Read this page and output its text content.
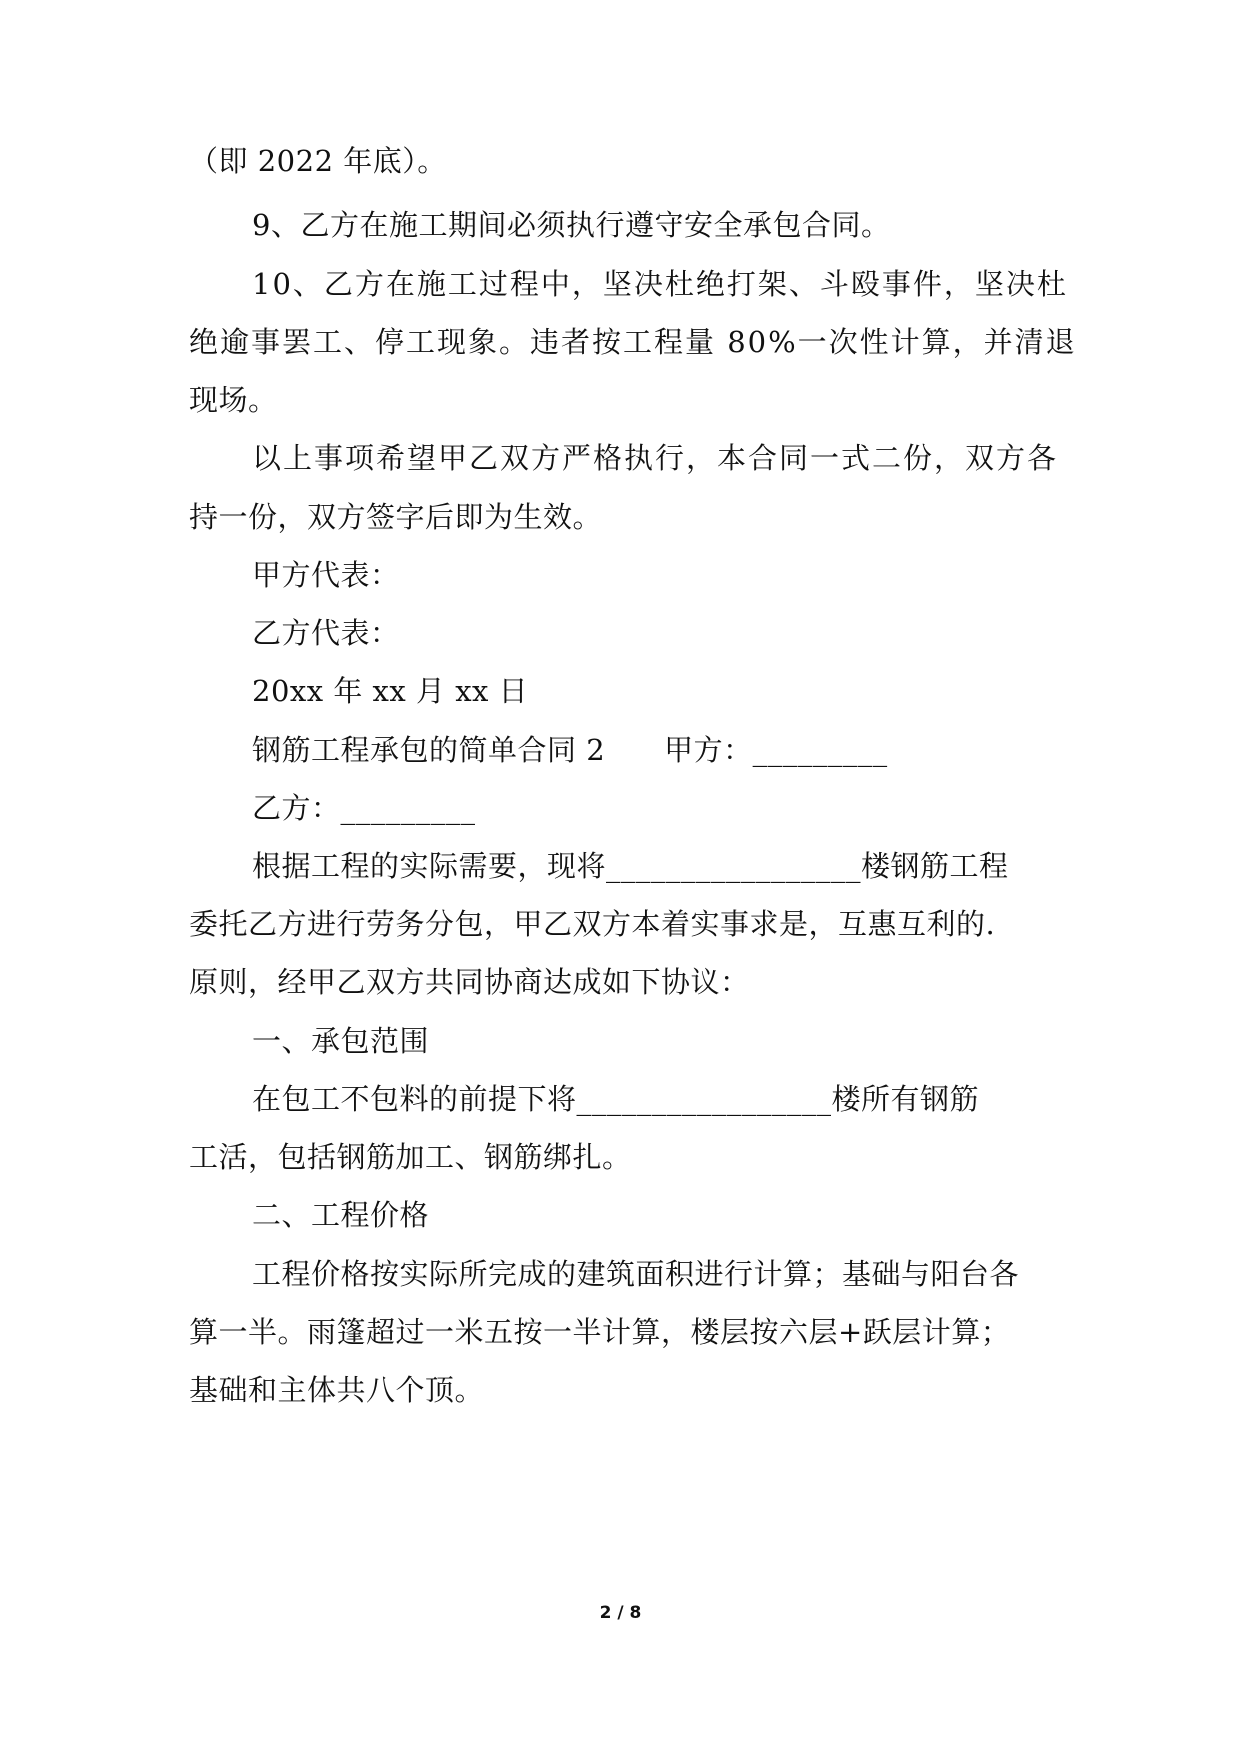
（即 2022 年底）。
9、乙方在施工期间必须执行遵守安全承包合同。
10、乙方在施工过程中，坚决杜绝打架、斗殴事件，坚决杜
绝逾事罢工、停工现象。违者按工程量 80%一次性计算，并清退
现场。
以上事项希望甲乙双方严格执行，本合同一式二份，双方各
持一份，双方签字后即为生效。
甲方代表：
乙方代表：
20xx 年 xx 月 xx 日
钢筋工程承包的简单合同 2　　甲方：_________
乙方：_________
根据工程的实际需要，现将_________________楼钢筋工程
委托乙方进行劳务分包，甲乙双方本着实事求是，互惠互利的.
原则，经甲乙双方共同协商达成如下协议：
一、承包范围
在包工不包料的前提下将_________________楼所有钢筋
工活，包括钢筋加工、钢筋绑扎。
二、工程价格
工程价格按实际所完成的建筑面积进行计算；基础与阳台各
算一半。雨篷超过一米五按一半计算，楼层按六层+跃层计算；
基础和主体共八个顶。
2 / 8
